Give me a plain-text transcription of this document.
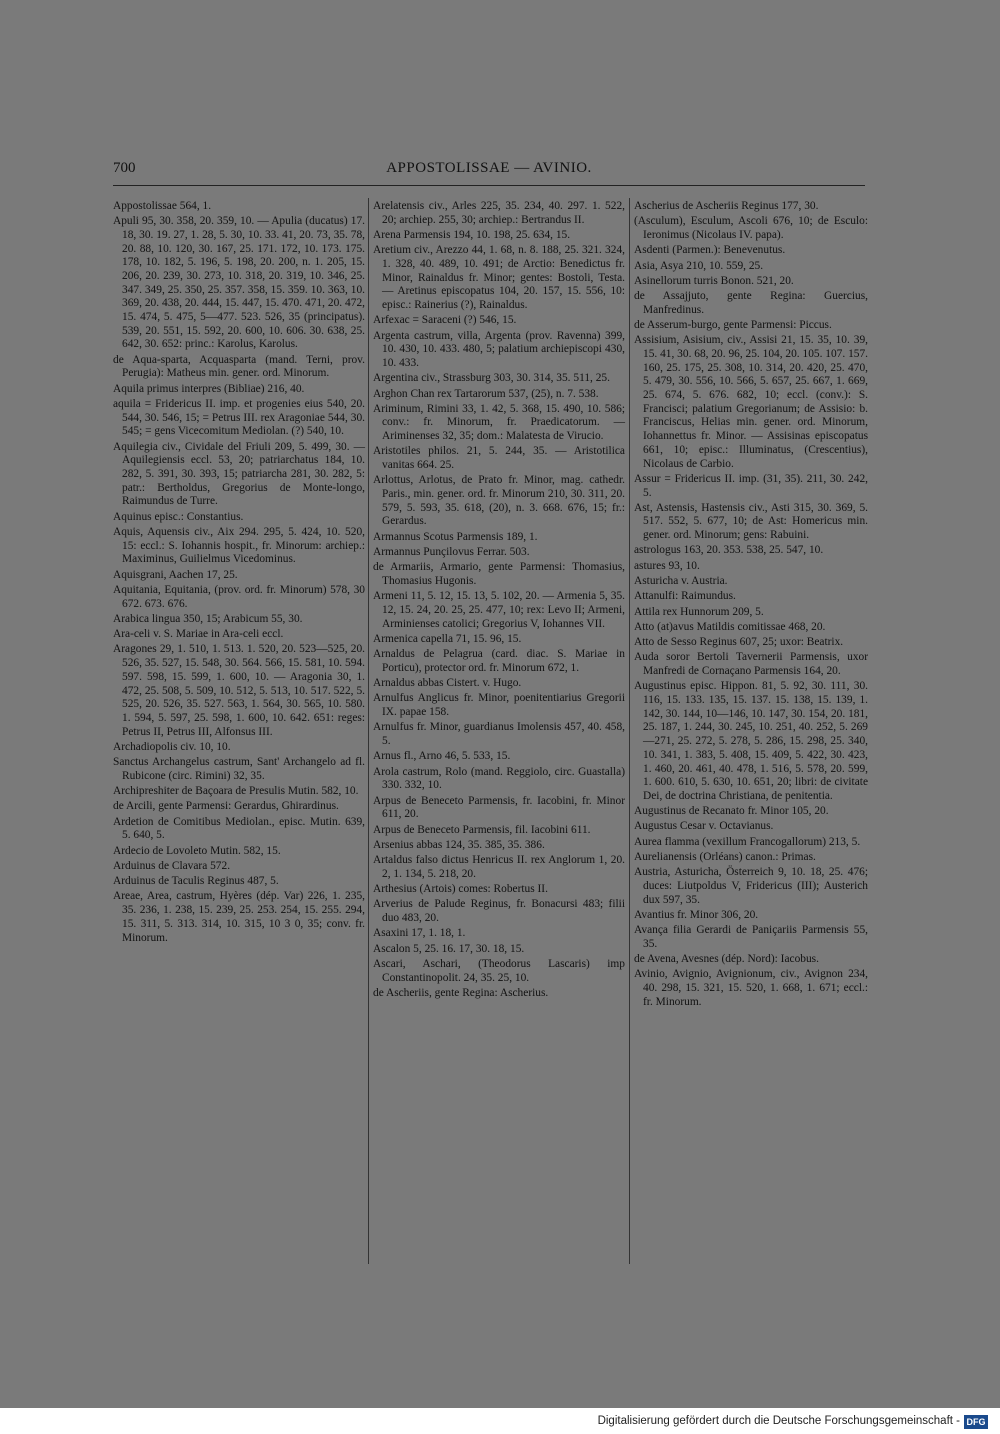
700	APPOSTOLISSAE — AVINIO.

Appostolissae 564, 1.

Apuli 95, 30. 358, 20. 359, 10. — Apulia (ducatus) 17. 18, 30. 19. 27, 1. 28, 5. 30, 10. 33. 41, 20. 73, 35. 78, 20. 88, 10. 120, 30. 167, 25. 171. 172, 10. 173. 175. 178, 10. 182, 5. 196, 5. 198, 20. 200, n. 1. 205, 15. 206, 20. 239, 30. 273, 10. 318, 20. 319, 10. 346, 25. 347. 349, 25. 350, 25. 357. 358, 15. 359. 10. 363, 10. 369, 20. 438, 20. 444, 15. 447, 15. 470. 471, 20. 472, 15. 474, 5. 475, 5—477. 523. 526, 35 (principatus). 539, 20. 551, 15. 592, 20. 600, 10. 606. 30. 638, 25. 642, 30. 652: princ.: Karolus, Karolus.

de Aqua-sparta, Acquasparta (mand. Terni, prov. Perugia): Matheus min. gener. ord. Minorum.

Aquila primus interpres (Bibliae) 216, 40.

aquila = Fridericus II. imp. et progenies eius 540, 20. 544, 30. 546, 15; = Petrus III. rex Aragoniae 544, 30. 545; = gens Vicecomitum Mediolan. (?) 540, 10.

Aquilegia civ., Cividale del Friuli 209, 5. 499, 30. — Aquilegiensis eccl. 53, 20; patriarchatus 184, 10. 282, 5. 391, 30. 393, 15; patriarcha 281, 30. 282, 5: patr.: Bertholdus, Gregorius de Monte-longo, Raimundus de Turre.

Aquinus episc.: Constantius.

Aquis, Aquensis civ., Aix 294. 295, 5. 424, 10. 520, 15: eccl.: S. Iohannis hospit., fr. Minorum: archiep.: Maximinus, Guilielmus Vicedominus.

Aquisgrani, Aachen 17, 25.

Aquitania, Equitania, (prov. ord. fr. Minorum) 578, 30 672. 673. 676.

Arabica lingua 350, 15; Arabicum 55, 30.

Ara-celi v. S. Mariae in Ara-celi eccl.

Aragones 29, 1. 510, 1. 513. 1. 520, 20. 523—525, 20. 526, 35. 527, 15. 548, 30. 564. 566, 15. 581, 10. 594. 597. 598, 15. 599, 1. 600, 10. — Aragonia 30, 1. 472, 25. 508, 5. 509, 10. 512, 5. 513, 10. 517. 522, 5. 525, 20. 526, 35. 527. 563, 1. 564, 30. 565, 10. 580. 1. 594, 5. 597, 25. 598, 1. 600, 10. 642. 651: reges: Petrus II, Petrus III, Alfonsus III.

Archadiopolis civ. 10, 10.

Sanctus Archangelus castrum, Sant' Archangelo ad fl. Rubicone (circ. Rimini) 32, 35.

Archipreshiter de Baçoara de Presulis Mutin. 582, 10.

de Arcili, gente Parmensi: Gerardus, Ghirardinus.

Ardetion de Comitibus Mediolan., episc. Mutin. 639, 5. 640, 5.

Ardecio de Lovoleto Mutin. 582, 15.

Arduinus de Clavara 572.

Arduinus de Taculis Reginus 487, 5.

Areae, Area, castrum, Hyères (dép. Var) 226, 1. 235, 35. 236, 1. 238, 15. 239, 25. 253. 254, 15. 255. 294, 15. 311, 5. 313. 314, 10. 315, 10 3 0, 35; conv. fr. Minorum.

Arelatensis civ., Arles 225, 35. 234, 40. 297. 1. 522, 20; archiep. 255, 30; archiep.: Bertrandus II.

Arena Parmensis 194, 10. 198, 25. 634, 15.

Aretium civ., Arezzo 44, 1. 68, n. 8. 188, 25. 321. 324, 1. 328, 40. 489, 10. 491; de Arctio: Benedictus fr. Minor, Rainaldus fr. Minor; gentes: Bostoli, Testa. — Aretinus episcopatus 104, 20. 157, 15. 556, 10: episc.: Rainerius (?), Rainaldus.

Arfexac = Saraceni (?) 546, 15.

Argenta castrum, villa, Argenta (prov. Ravenna) 399, 10. 430, 10. 433. 480, 5; palatium archiepiscopi 430, 10. 433.

Argentina civ., Strassburg 303, 30. 314, 35. 511, 25.

Arghon Chan rex Tartarorum 537, (25), n. 7. 538.

Ariminum, Rimini 33, 1. 42, 5. 368, 15. 490, 10. 586; conv.: fr. Minorum, fr. Praedicatorum. — Ariminenses 32, 35; dom.: Malatesta de Virucio.

Aristotiles philos. 21, 5. 244, 35. — Aristotilica vanitas 664. 25.

Arlottus, Arlotus, de Prato fr. Minor, mag. cathedr. Paris., min. gener. ord. fr. Minorum 210, 30. 311, 20. 579, 5. 593, 35. 618, (20), n. 3. 668. 676, 15; fr.: Gerardus.

Armannus Scotus Parmensis 189, 1.

Armannus Punçilovus Ferrar. 503.

de Armariis, Armario, gente Parmensi: Thomasius, Thomasius Hugonis.

Armeni 11, 5. 12, 15. 13, 5. 102, 20. — Armenia 5, 35. 12, 15. 24, 20. 25, 25. 477, 10; rex: Levo II; Armeni, Arminienses catolici; Gregorius V, Iohannes VII.

Armenica capella 71, 15. 96, 15.

Arnaldus de Pelagrua (card. diac. S. Mariae in Porticu), protector ord. fr. Minorum 672, 1.

Arnaldus abbas Cistert. v. Hugo.

Arnulfus Anglicus fr. Minor, poenitentiarius Gregorii IX. papae 158.

Arnulfus fr. Minor, guardianus Imolensis 457, 40. 458, 5.

Arnus fl., Arno 46, 5. 533, 15.

Arola castrum, Rolo (mand. Reggiolo, circ. Guastalla) 330. 332, 10.

Arpus de Beneceto Parmensis, fr. Iacobini, fr. Minor 611, 20.

Arpus de Beneceto Parmensis, fil. Iacobini 611.

Arsenius abbas 124, 35. 385, 35. 386.

Artaldus falso dictus Henricus II. rex Anglorum 1, 20. 2, 1. 134, 5. 218, 20.

Arthesius (Artois) comes: Robertus II.

Arverius de Palude Reginus, fr. Bonacursi 483; filii duo 483, 20.

Asaxini 17, 1. 18, 1.

Ascalon 5, 25. 16. 17, 30. 18, 15.

Ascari, Aschari, (Theodorus Lascaris) imp Constantinopolit. 24, 35. 25, 10.

de Ascheriis, gente Regina: Ascherius.

Ascherius de Ascheriis Reginus 177, 30.

(Asculum), Esculum, Ascoli 676, 10; de Esculo: Ieronimus (Nicolaus IV. papa).

Asdenti (Parmen.): Benevenutus.

Asia, Asya 210, 10. 559, 25.

Asinellorum turris Bonon. 521, 20.

de Assajjuto, gente Regina: Guercius, Manfredinus.

de Asserum-burgo, gente Parmensi: Piccus.

Assisium, Asisium, civ., Assisi 21, 15. 35, 10. 39, 15. 41, 30. 68, 20. 96, 25. 104, 20. 105. 107. 157. 160, 25. 175, 25. 308, 10. 314, 20. 420, 25. 470, 5. 479, 30. 556, 10. 566, 5. 657, 25. 667, 1. 669, 25. 674, 5. 676. 682, 10; eccl. (conv.): S. Francisci; palatium Gregorianum; de Assisio: b. Franciscus, Helias min. gener. ord. Minorum, Iohannettus fr. Minor. — Assisinas episcopatus 661, 10; episc.: Illuminatus, (Crescentius), Nicolaus de Carbio.

Assur = Fridericus II. imp. (31, 35). 211, 30. 242, 5.

Ast, Astensis, Hastensis civ., Asti 315, 30. 369, 5. 517. 552, 5. 677, 10; de Ast: Homericus min. gener. ord. Minorum; gens: Rabuini.

astrologus 163, 20. 353. 538, 25. 547, 10.

astures 93, 10.

Asturicha v. Austria.

Attanulfi: Raimundus.

Attila rex Hunnorum 209, 5.

Atto (at)avus Matildis comitissae 468, 20.

Atto de Sesso Reginus 607, 25; uxor: Beatrix.

Auda soror Bertoli Tavernerii Parmensis, uxor Manfredi de Cornaçano Parmensis 164, 20.

Augustinus episc. Hippon. 81, 5. 92, 30. 111, 30. 116, 15. 133. 135, 15. 137. 15. 138, 15. 139, 1. 142, 30. 144, 10—146, 10. 147, 30. 154, 20. 181, 25. 187, 1. 244, 30. 245, 10. 251, 40. 252, 5. 269—271, 25. 272, 5. 278, 5. 286, 15. 298, 25. 340, 10. 341, 1. 383, 5. 408, 15. 409, 5. 422, 30. 423, 1. 460, 20. 461, 40. 478, 1. 516, 5. 578, 20. 599, 1. 600. 610, 5. 630, 10. 651, 20; libri: de civitate Dei, de doctrina Christiana, de penitentia.

Augustinus de Recanato fr. Minor 105, 20.

Augustus Cesar v. Octavianus.

Aurea flamma (vexillum Francogallorum) 213, 5.

Aurelianensis (Orléans) canon.: Primas.

Austria, Asturicha, Österreich 9, 10. 18, 25. 476; duces: Liutpoldus V, Fridericus (III); Austerich dux 597, 35.

Avantius fr. Minor 306, 20.

Avança filia Gerardi de Paniçariis Parmensis 55, 35.

de Avena, Avesnes (dép. Nord): Iacobus.

Avinio, Avignio, Avignionum, civ., Avignon 234, 40. 298, 15. 321, 15. 520, 1. 668, 1. 671; eccl.: fr. Minorum.

Digitalisierung gefördert durch die Deutsche Forschungsgemeinschaft - DFG
